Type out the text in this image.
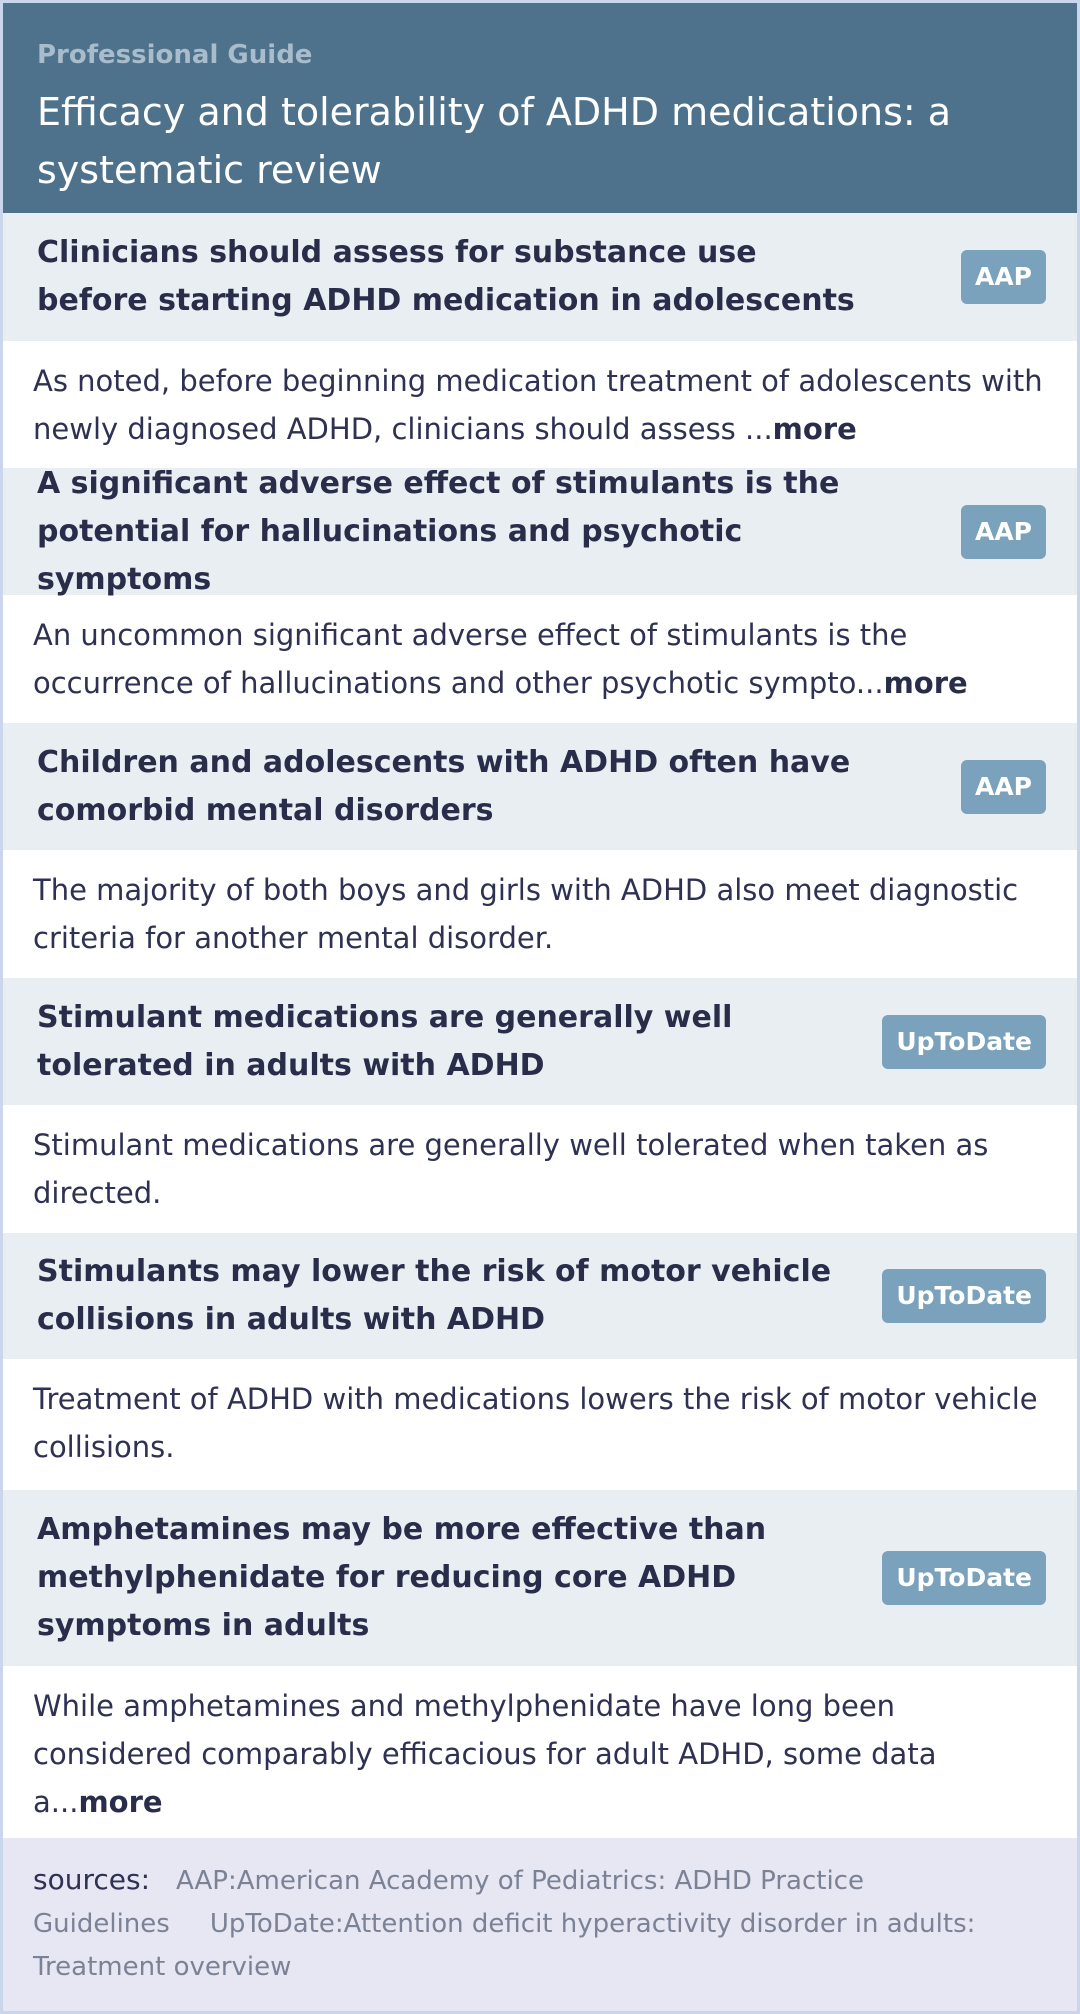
Professional Guide
Efficacy and tolerability of ADHD medications: a systematic review
Clinicians should assess for substance use before starting ADHD medication in adolescents
AAP
As noted, before beginning medication treatment of adolescents with newly diagnosed ADHD, clinicians should assess ...more
A significant adverse effect of stimulants is the potential for hallucinations and psychotic symptoms
AAP
An uncommon significant adverse effect of stimulants is the occurrence of hallucinations and other psychotic sympto...more
Children and adolescents with ADHD often have comorbid mental disorders
AAP
The majority of both boys and girls with ADHD also meet diagnostic criteria for another mental disorder.
Stimulant medications are generally well tolerated in adults with ADHD
UpToDate
Stimulant medications are generally well tolerated when taken as directed.
Stimulants may lower the risk of motor vehicle collisions in adults with ADHD
UpToDate
Treatment of ADHD with medications lowers the risk of motor vehicle collisions.
Amphetamines may be more effective than methylphenidate for reducing core ADHD symptoms in adults
UpToDate
While amphetamines and methylphenidate have long been considered comparably efficacious for adult ADHD, some data a...more
sources: AAP:American Academy of Pediatrics: ADHD Practice Guidelines UpToDate:Attention deficit hyperactivity disorder in adults: Treatment overview
